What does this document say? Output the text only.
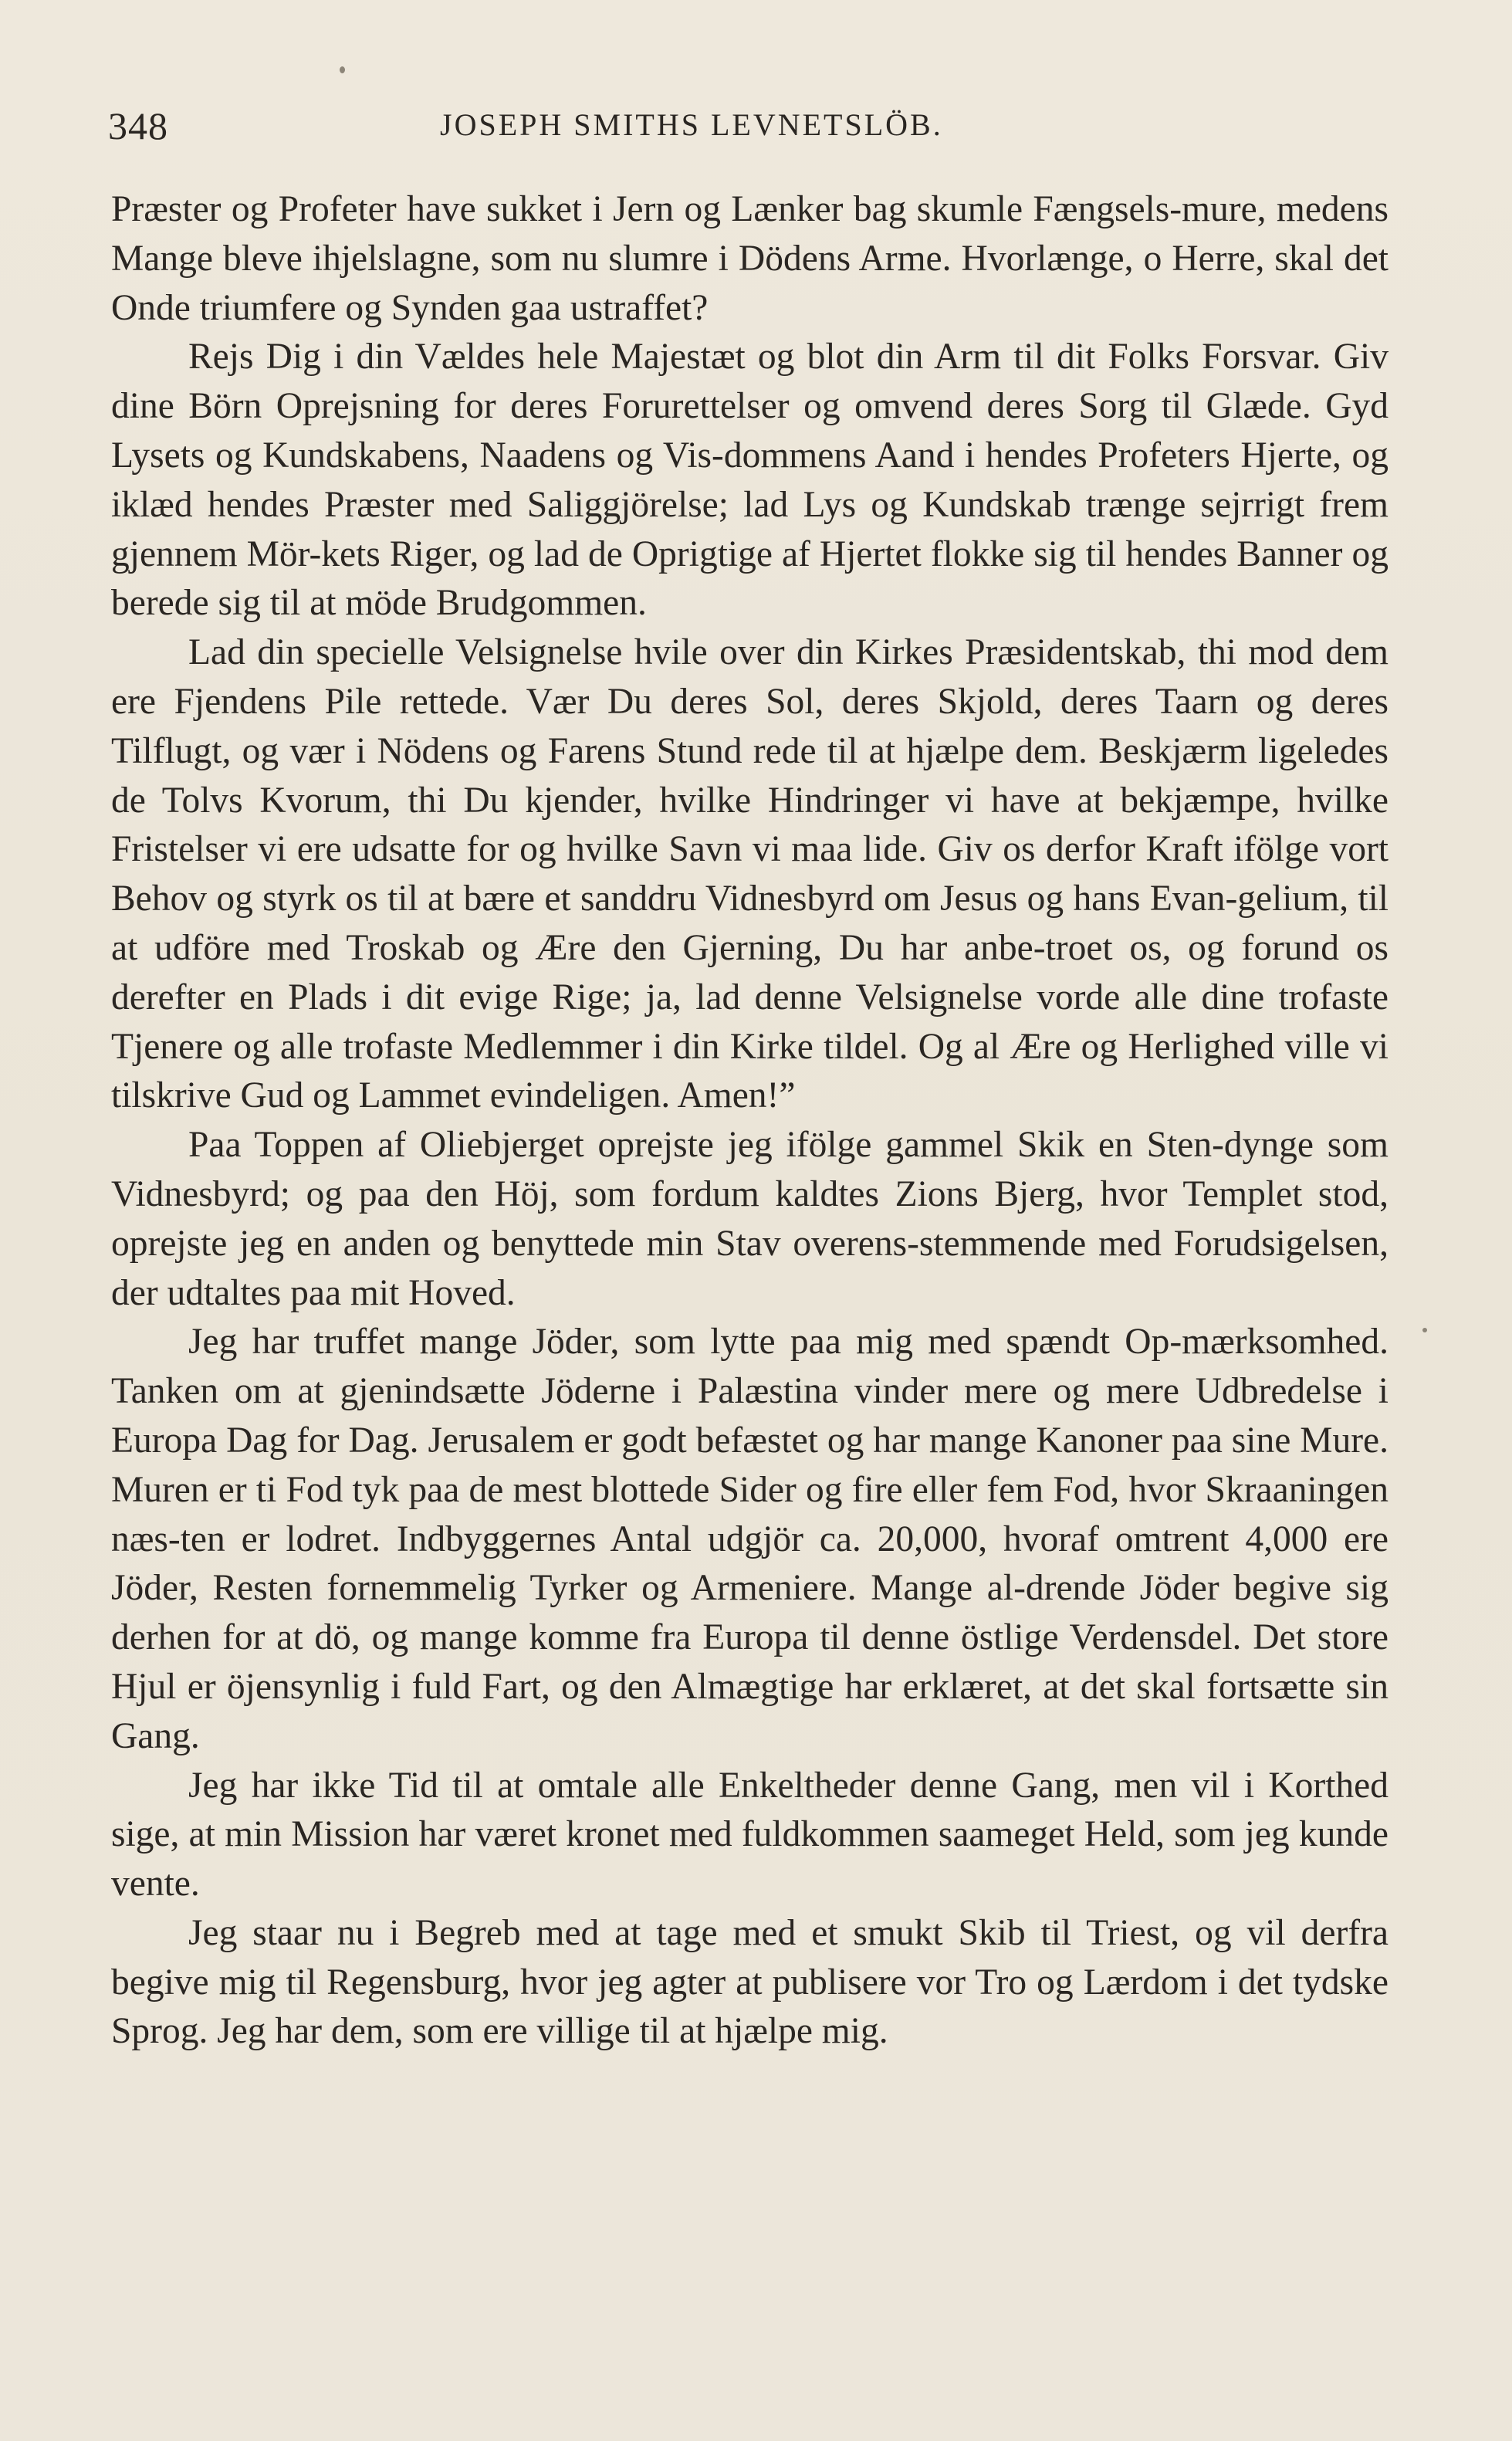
348	JOSEPH SMITHS LEVNETSLÖB.

Præster og Profeter have sukket i Jern og Lænker bag skumle Fængsels-mure, medens Mange bleve ihjelslagne, som nu slumre i Dödens Arme. Hvorlænge, o Herre, skal det Onde triumfere og Synden gaa ustraffet?

Rejs Dig i din Vældes hele Majestæt og blot din Arm til dit Folks Forsvar. Giv dine Börn Oprejsning for deres Forurettelser og omvend deres Sorg til Glæde. Gyd Lysets og Kundskabens, Naadens og Vis-dommens Aand i hendes Profeters Hjerte, og iklæd hendes Præster med Saliggjörelse; lad Lys og Kundskab trænge sejrrigt frem gjennem Mör-kets Riger, og lad de Oprigtige af Hjertet flokke sig til hendes Banner og berede sig til at möde Brudgommen.

Lad din specielle Velsignelse hvile over din Kirkes Præsidentskab, thi mod dem ere Fjendens Pile rettede. Vær Du deres Sol, deres Skjold, deres Taarn og deres Tilflugt, og vær i Nödens og Farens Stund rede til at hjælpe dem. Beskjærm ligeledes de Tolvs Kvorum, thi Du kjender, hvilke Hindringer vi have at bekjæmpe, hvilke Fristelser vi ere udsatte for og hvilke Savn vi maa lide. Giv os derfor Kraft ifölge vort Behov og styrk os til at bære et sanddru Vidnesbyrd om Jesus og hans Evan-gelium, til at udföre med Troskab og Ære den Gjerning, Du har anbe-troet os, og forund os derefter en Plads i dit evige Rige; ja, lad denne Velsignelse vorde alle dine trofaste Tjenere og alle trofaste Medlemmer i din Kirke tildel. Og al Ære og Herlighed ville vi tilskrive Gud og Lammet evindeligen. Amen!”

Paa Toppen af Oliebjerget oprejste jeg ifölge gammel Skik en Sten-dynge som Vidnesbyrd; og paa den Höj, som fordum kaldtes Zions Bjerg, hvor Templet stod, oprejste jeg en anden og benyttede min Stav overens-stemmende med Forudsigelsen, der udtaltes paa mit Hoved.

Jeg har truffet mange Jöder, som lytte paa mig med spændt Op-mærksomhed. Tanken om at gjenindsætte Jöderne i Palæstina vinder mere og mere Udbredelse i Europa Dag for Dag. Jerusalem er godt befæstet og har mange Kanoner paa sine Mure. Muren er ti Fod tyk paa de mest blottede Sider og fire eller fem Fod, hvor Skraaningen næs-ten er lodret. Indbyggernes Antal udgjör ca. 20,000, hvoraf omtrent 4,000 ere Jöder, Resten fornemmelig Tyrker og Armeniere. Mange al-drende Jöder begive sig derhen for at dö, og mange komme fra Europa til denne östlige Verdensdel. Det store Hjul er öjensynlig i fuld Fart, og den Almægtige har erklæret, at det skal fortsætte sin Gang.

Jeg har ikke Tid til at omtale alle Enkeltheder denne Gang, men vil i Korthed sige, at min Mission har været kronet med fuldkommen saameget Held, som jeg kunde vente.

Jeg staar nu i Begreb med at tage med et smukt Skib til Triest, og vil derfra begive mig til Regensburg, hvor jeg agter at publisere vor Tro og Lærdom i det tydske Sprog. Jeg har dem, som ere villige til at hjælpe mig.
